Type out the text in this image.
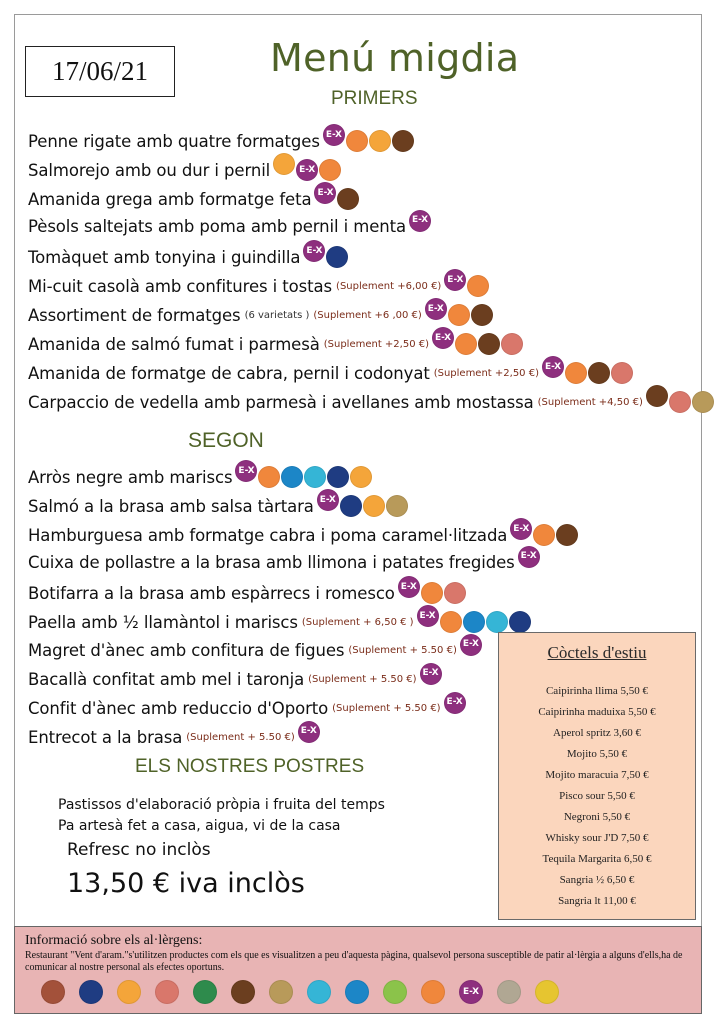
17/06/21	Menú migdia
PRIMERS
Penne rigate amb quatre formatges E-X
Salmorejo amb ou dur i pernil	E-X
Amanida grega amb formatge feta E-X
Pèsols saltejats amb poma amb pernil i menta E-X
Tomàquet amb tonyina i guindilla E-X
Mi-cuit casolà amb confitures i tostas (Suplement +6,00 €)
E-X
Assortiment de formatges (6 varietats ) (Suplement +6 ,00 €)
E-X
Amanida de salmó fumat i parmesà (Suplement +2,50 €)
E-X
Amanida de formatge de cabra, pernil i codonyat (Suplement +2,50 €)
E-X
Carpaccio de vedella amb parmesà i avellanes amb mostassa (Suplement +4,50 €)
SEGON
Arròs negre amb mariscs E-X
Salmó a la brasa amb salsa tàrtara E-X
Hamburguesa amb formatge cabra i poma caramel·litzada E-X
Cuixa de pollastre a la brasa amb llimona i patates fregides E-X
Botifarra a la brasa amb espàrrecs i romesco E-X
Paella amb ½ llamàntol i mariscs (Suplement + 6,50 € )
E-X
Magret d'ànec amb confitura de figues (Suplement + 5.50 €)
E-X
Bacallà confitat amb mel i taronja (Suplement + 5.50 €)
E-X
Confit d'ànec amb reduccio d'Oporto (Suplement + 5.50 €)
E-X
Entrecot a la brasa (Suplement + 5.50 €)
E-X
ELS NOSTRES POSTRES
Pastissos d'elaboració pròpia i fruita del temps
Pa artesà fet a casa, aigua, vi de la casa
Refresc no inclòs
13,50 € iva inclòs
Còctels d'estiu
Caipirinha llima 5,50 €
Caipirinha maduixa 5,50 €
Aperol spritz 3,60 €
Mojito 5,50 €
Mojito maracuia 7,50 €
Pisco sour 5,50 €
Negroni 5,50 €
Whisky sour J'D 7,50 €
Tequila Margarita 6,50 €
Sangria ½ 6,50 €
Sangria lt 11,00 €
Informació sobre els al·lèrgens:
Restaurant "Vent d'aram."s'utilitzen productes com els que es visualitzen a peu d'aquesta pàgina, qualsevol persona susceptible de patir al·lèrgia a alguns d'ells,ha de comunicar al nostre personal als efectes oportuns.
E-X
